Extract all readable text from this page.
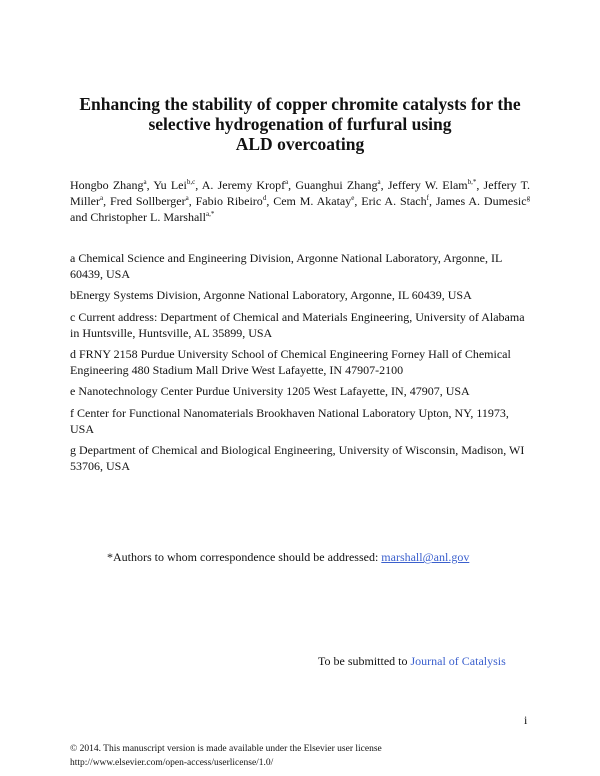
Enhancing the stability of copper chromite catalysts for the
selective hydrogenation of furfural using
ALD overcoating
Hongbo Zhang$^a$, Yu Lei$^{b,c}$, A. Jeremy Kropf$^a$, Guanghui Zhang$^a$, Jeffery W. Elam$^{b,*}$, Jeffery T. Miller$^a$, Fred Sollberger$^a$, Fabio Ribeiro$^d$, Cem M. Akatay$^e$, Eric A. Stach$^f$, James A. Dumesic$^g$ and Christopher L. Marshall$^{a,*}$
a Chemical Science and Engineering Division, Argonne National Laboratory, Argonne, IL 60439, USA
bEnergy Systems Division, Argonne National Laboratory, Argonne, IL 60439, USA
c Current address: Department of Chemical and Materials Engineering, University of Alabama in Huntsville, Huntsville, AL 35899, USA
d FRNY 2158 Purdue University School of Chemical Engineering Forney Hall of Chemical Engineering 480 Stadium Mall Drive West Lafayette, IN 47907-2100
e Nanotechnology Center Purdue University 1205 West Lafayette, IN, 47907, USA
f Center for Functional Nanomaterials Brookhaven National Laboratory Upton, NY, 11973, USA
g Department of Chemical and Biological Engineering, University of Wisconsin, Madison, WI 53706, USA
*Authors to whom correspondence should be addressed: marshall@anl.gov
To be submitted to Journal of Catalysis
i
© 2014. This manuscript version is made available under the Elsevier user license
http://www.elsevier.com/open-access/userlicense/1.0/
